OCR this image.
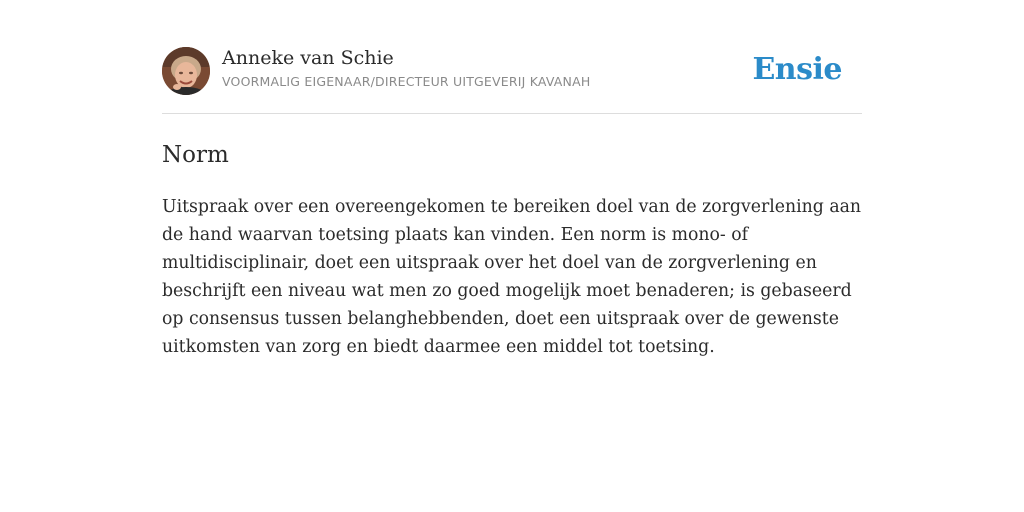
Anneke van Schie
VOORMALIG EIGENAAR/DIRECTEUR UITGEVERIJ KAVANAH	Ensie
Norm

Uitspraak over een overeengekomen te bereiken doel van de zorgverlening aan de hand waarvan toetsing plaats kan vinden. Een norm is mono- of multidisciplinair, doet een uitspraak over het doel van de zorgverlening en beschrijft een niveau wat men zo goed mogelijk moet benaderen; is gebaseerd op consensus tussen belanghebbenden, doet een uitspraak over de gewenste uitkomsten van zorg en biedt daarmee een middel tot toetsing.
